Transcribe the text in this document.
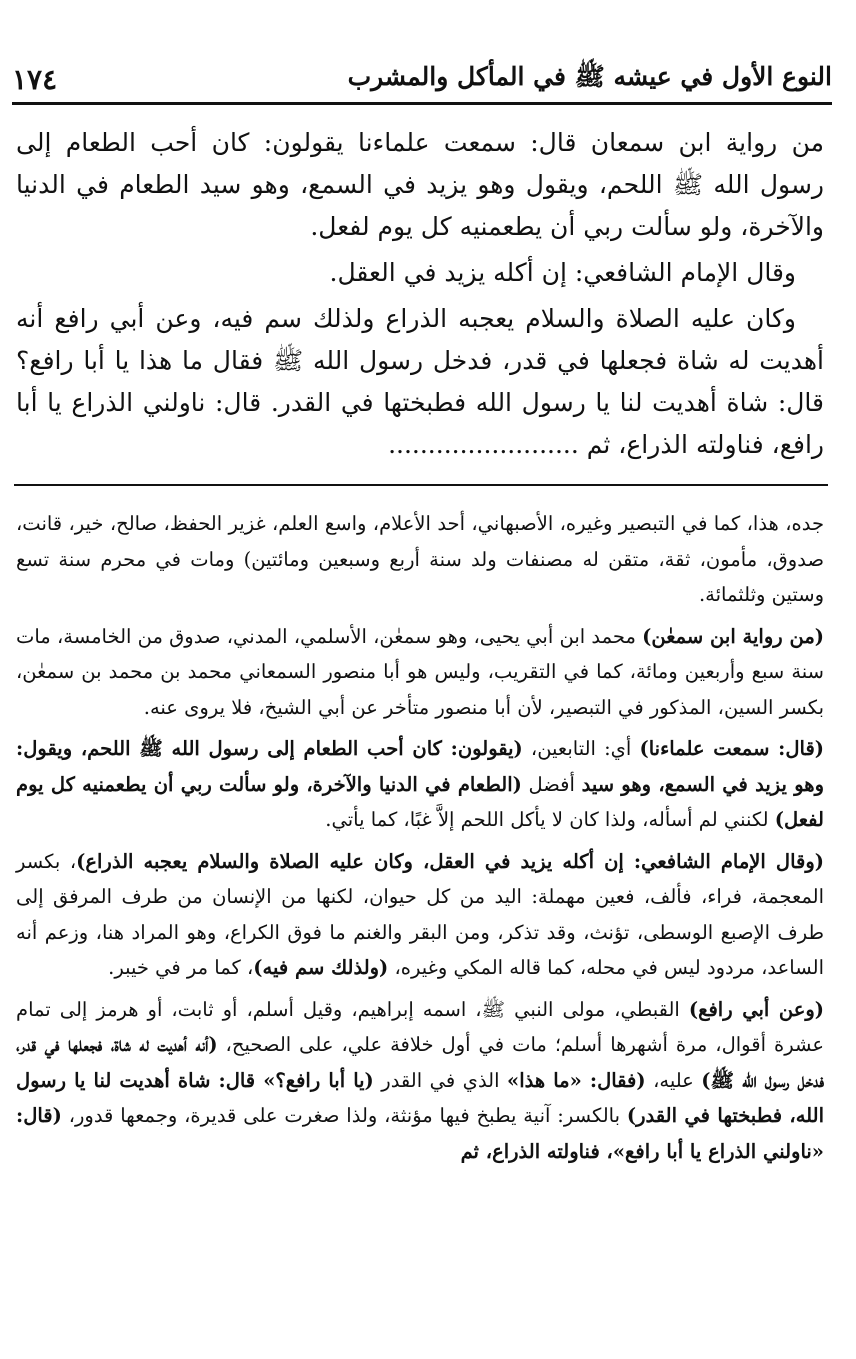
النوع الأول في عيشه ﷺ في المأكل والمشرب
١٧٤

من رواية ابن سمعان قال: سمعت علماءنا يقولون: كان أحب الطعام إلى رسول الله ﷺ اللحم، ويقول وهو يزيد في السمع، وهو سيد الطعام في الدنيا والآخرة، ولو سألت ربي أن يطعمنيه كل يوم لفعل.

وقال الإمام الشافعي: إن أكله يزيد في العقل.

وكان عليه الصلاة والسلام يعجبه الذراع ولذلك سم فيه، وعن أبي رافع أنه أهديت له شاة فجعلها في قدر، فدخل رسول الله ﷺ فقال ما هذا يا أبا رافع؟ قال: شاة أهديت لنا يا رسول الله فطبختها في القدر. قال: ناولني الذراع يا أبا رافع، فناولته الذراع، ثم ........................

جده، هذا، كما في التبصير وغيره، الأصبهاني، أحد الأعلام، واسع العلم، غزير الحفظ، صالح، خير، قانت، صدوق، مأمون، ثقة، متقن له مصنفات ولد سنة أربع وسبعين ومائتين) ومات في محرم سنة تسع وستين وثلثمائة.

(من رواية ابن سمعٰن) محمد ابن أبي يحيى، وهو سمعٰن، الأسلمي، المدني، صدوق من الخامسة، مات سنة سبع وأربعين ومائة، كما في التقريب، وليس هو أبا منصور السمعاني محمد بن محمد بن سمعٰن، بكسر السين، المذكور في التبصير، لأن أبا منصور متأخر عن أبي الشيخ، فلا يروى عنه.

(قال: سمعت علماءنا) أي: التابعين، (يقولون: كان أحب الطعام إلى رسول الله ﷺ اللحم، ويقول: وهو يزيد في السمع، وهو سيد أفضل (الطعام في الدنيا والآخرة، ولو سألت ربي أن يطعمنيه كل يوم لفعل) لكنني لم أسأله، ولذا كان لا يأكل اللحم إلاَّ غبًا، كما يأتي.

(وقال الإمام الشافعي: إن أكله يزيد في العقل، وكان عليه الصلاة والسلام يعجبه الذراع)، بكسر المعجمة، فراء، فألف، فعين مهملة: اليد من كل حيوان، لكنها من الإنسان من طرف المرفق إلى طرف الإصبع الوسطى، تؤنث، وقد تذكر، ومن البقر والغنم ما فوق الكراع، وهو المراد هنا، وزعم أنه الساعد، مردود ليس في محله، كما قاله المكي وغيره، (ولذلك سم فيه)، كما مر في خيبر.

(وعن أبي رافع) القبطي، مولى النبي ﷺ، اسمه إبراهيم، وقيل أسلم، أو ثابت، أو هرمز إلى تمام عشرة أقوال، مرة أشهرها أسلم؛ مات في أول خلافة علي، على الصحيح، (أنه أهديت له شاة، فجعلها في قدر، فدخل رسول الله ﷺ) عليه، (فقال: «ما هذا» الذي في القدر (يا أبا رافع؟» قال: شاة أهديت لنا يا رسول الله، فطبختها في القدر) بالكسر: آنية يطبخ فيها مؤنثة، ولذا صغرت على قديرة، وجمعها قدور، (قال: «ناولني الذراع يا أبا رافع»، فناولته الذراع، ثم
